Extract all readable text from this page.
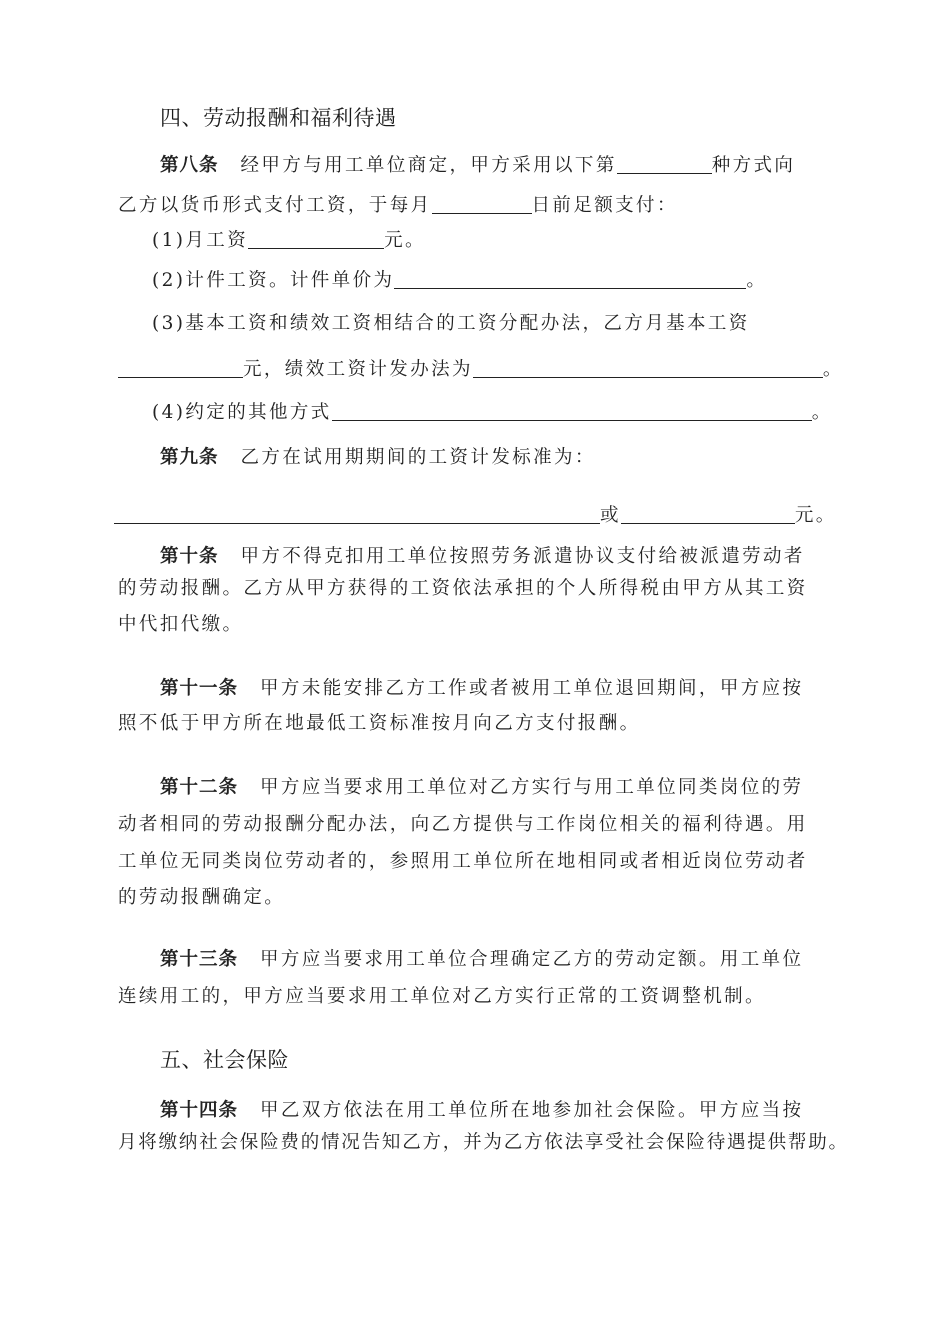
四、劳动报酬和福利待遇
第八条 经甲方与用工单位商定，甲方采用以下第	种方式向
乙方以货币形式支付工资，于每月	日前足额支付：
(1)月工资	元。
(2)计件工资。计件单价为	。
(3)基本工资和绩效工资相结合的工资分配办法，乙方月基本工资
元，绩效工资计发办法为	。
(4)约定的其他方式	。
第九条 乙方在试用期期间的工资计发标准为：
或	元。
第十条 甲方不得克扣用工单位按照劳务派遣协议支付给被派遣劳动者
的劳动报酬。乙方从甲方获得的工资依法承担的个人所得税由甲方从其工资
中代扣代缴。
第十一条 甲方未能安排乙方工作或者被用工单位退回期间，甲方应按
照不低于甲方所在地最低工资标准按月向乙方支付报酬。
第十二条 甲方应当要求用工单位对乙方实行与用工单位同类岗位的劳
动者相同的劳动报酬分配办法，向乙方提供与工作岗位相关的福利待遇。用
工单位无同类岗位劳动者的，参照用工单位所在地相同或者相近岗位劳动者
的劳动报酬确定。
第十三条 甲方应当要求用工单位合理确定乙方的劳动定额。用工单位
连续用工的，甲方应当要求用工单位对乙方实行正常的工资调整机制。
五、社会保险
第十四条 甲乙双方依法在用工单位所在地参加社会保险。甲方应当按
月将缴纳社会保险费的情况告知乙方，并为乙方依法享受社会保险待遇提供帮助。
